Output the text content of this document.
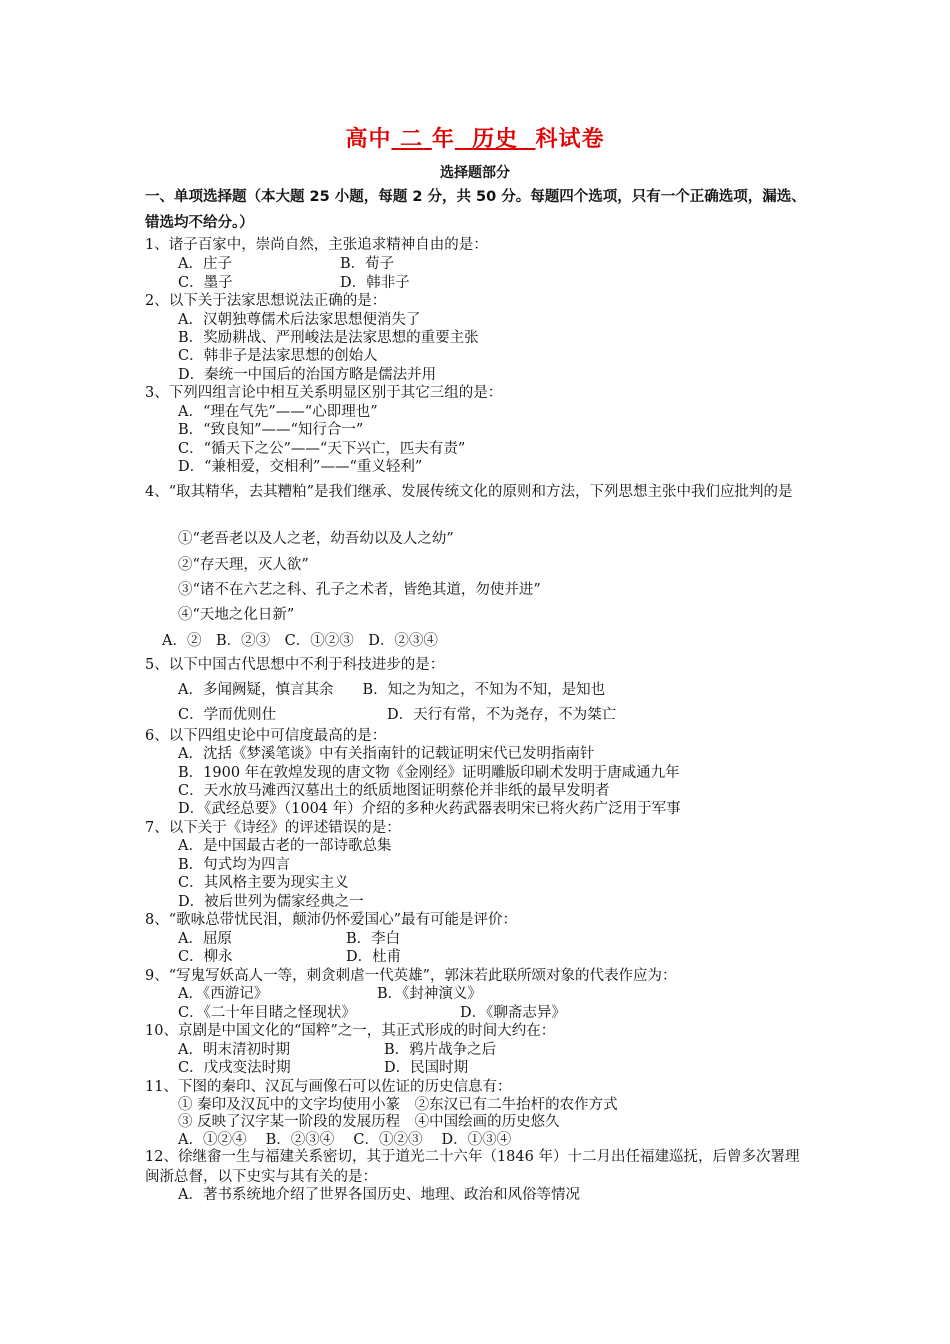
高中 二 年 历史 科试卷
选择题部分
一、单项选择题（本大题 25 小题，每题 2 分，共 50 分。每题四个选项，只有一个正确选项，漏选、错选均不给分。）
1、诸子百家中，崇尚自然，主张追求精神自由的是：
A．庄子	B．荀子
C．墨子	D．韩非子
2、以下关于法家思想说法正确的是：
A．汉朝独尊儒术后法家思想便消失了
B．奖励耕战、严刑峻法是法家思想的重要主张
C．韩非子是法家思想的创始人
D．秦统一中国后的治国方略是儒法并用
3、下列四组言论中相互关系明显区别于其它三组的是：
A．“理在气先”——“心即理也”
B．“致良知”——“知行合一”
C．“循天下之公”——“天下兴亡，匹夫有责”
D．“兼相爱，交相利”——“重义轻利”
4、“取其精华，去其糟粕”是我们继承、发展传统文化的原则和方法，下列思想主张中我们应批判的是
①“老吾老以及人之老，幼吾幼以及人之幼”
②“存天理，灭人欲”
③“诸不在六艺之科、孔子之术者，皆绝其道，勿使并进”
④“天地之化日新”
A．②　B．②③　C．①②③　D．②③④
5、以下中国古代思想中不利于科技进步的是：
A．多闻阙疑，慎言其余　　B．知之为知之，不知为不知，是知也
C．学而优则仕	D．天行有常，不为尧存，不为桀亡
6、以下四组史论中可信度最高的是：
A．沈括《梦溪笔谈》中有关指南针的记载证明宋代已发明指南针
B．1900 年在敦煌发现的唐文物《金刚经》证明雕版印刷术发明于唐咸通九年
C．天水放马滩西汉墓出土的纸质地图证明蔡伦并非纸的最早发明者
D．《武经总要》（1004 年）介绍的多种火药武器表明宋已将火药广泛用于军事
7、以下关于《诗经》的评述错误的是：
A．是中国最古老的一部诗歌总集
B．句式均为四言
C．其风格主要为现实主义
D．被后世列为儒家经典之一
8、“歌咏总带忧民泪，颠沛仍怀爱国心”最有可能是评价：
A．屈原	B．李白
C．柳永	D．杜甫
9、“写鬼写妖高人一等，刺贪刺虐一代英雄”，郭沫若此联所颂对象的代表作应为：
A．《西游记》	B．《封神演义》
C．《二十年目睹之怪现状》	D．《聊斋志异》
10、京剧是中国文化的“国粹”之一，其正式形成的时间大约在：
A．明末清初时期	B．鸦片战争之后
C．戊戌变法时期	D．民国时期
11、下图的秦印、汉瓦与画像石可以佐证的历史信息有：
① 秦印及汉瓦中的文字均使用小篆　②东汉已有二牛抬杆的农作方式
③ 反映了汉字某一阶段的发展历程　④中国绘画的历史悠久
A．①②④　 B．②③④　 C．①②③　 D．①③④
12、徐继畲一生与福建关系密切，其于道光二十六年（1846 年）十二月出任福建巡抚，后曾多次署理闽浙总督，以下史实与其有关的是：
A．著书系统地介绍了世界各国历史、地理、政治和风俗等情况
